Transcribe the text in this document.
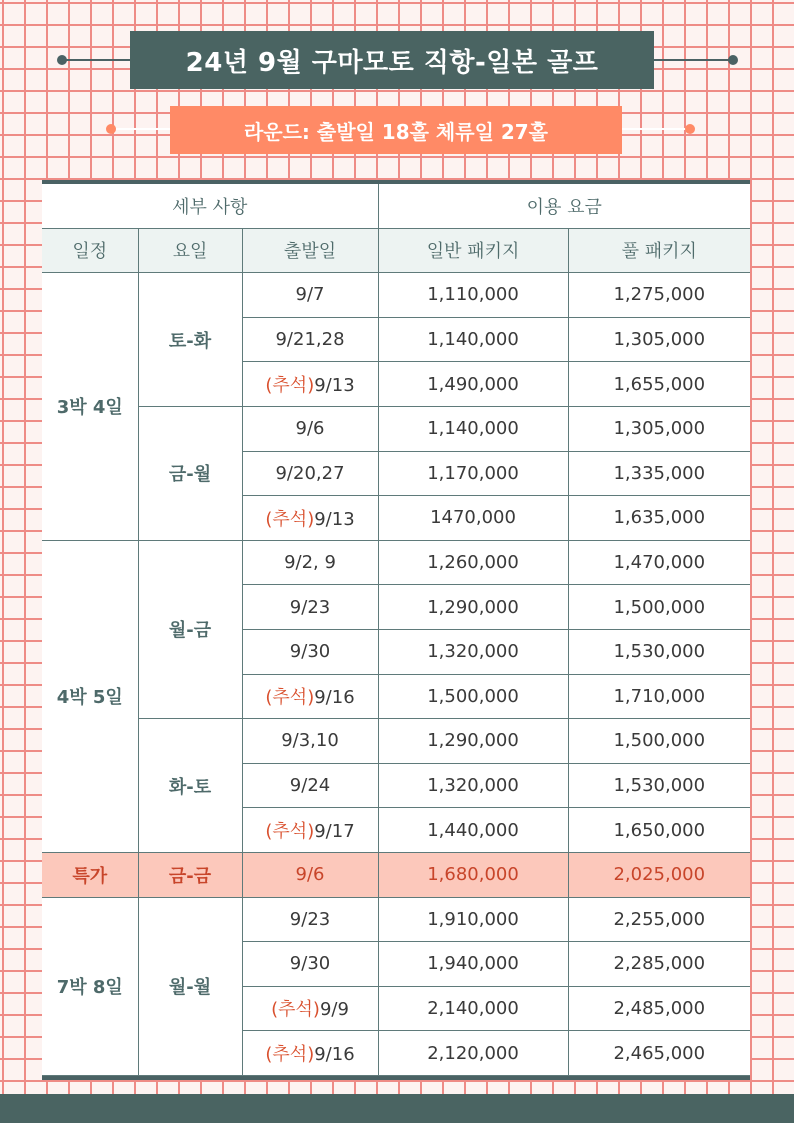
24년 9월 구마모토 직항-일본 골프
라운드: 출발일 18홀 체류일 27홀
세부 사항			이용 요금	
일정	요일	출발일	일반 패키지	풀 패키지
3박 4일	토-화	9/7	1,110,000	1,275,000
		9/21,28	1,140,000	1,305,000
		(추석)9/13	1,490,000	1,655,000
	금-월	9/6	1,140,000	1,305,000
		9/20,27	1,170,000	1,335,000
		(추석)9/13	1470,000	1,635,000
4박 5일	월-금	9/2, 9	1,260,000	1,470,000
		9/23	1,290,000	1,500,000
		9/30	1,320,000	1,530,000
		(추석)9/16	1,500,000	1,710,000
	화-토	9/3,10	1,290,000	1,500,000
		9/24	1,320,000	1,530,000
		(추석)9/17	1,440,000	1,650,000
특가	금-금	9/6	1,680,000	2,025,000
7박 8일	월-월	9/23	1,910,000	2,255,000
		9/30	1,940,000	2,285,000
		(추석)9/9	2,140,000	2,485,000
		(추석)9/16	2,120,000	2,465,000
